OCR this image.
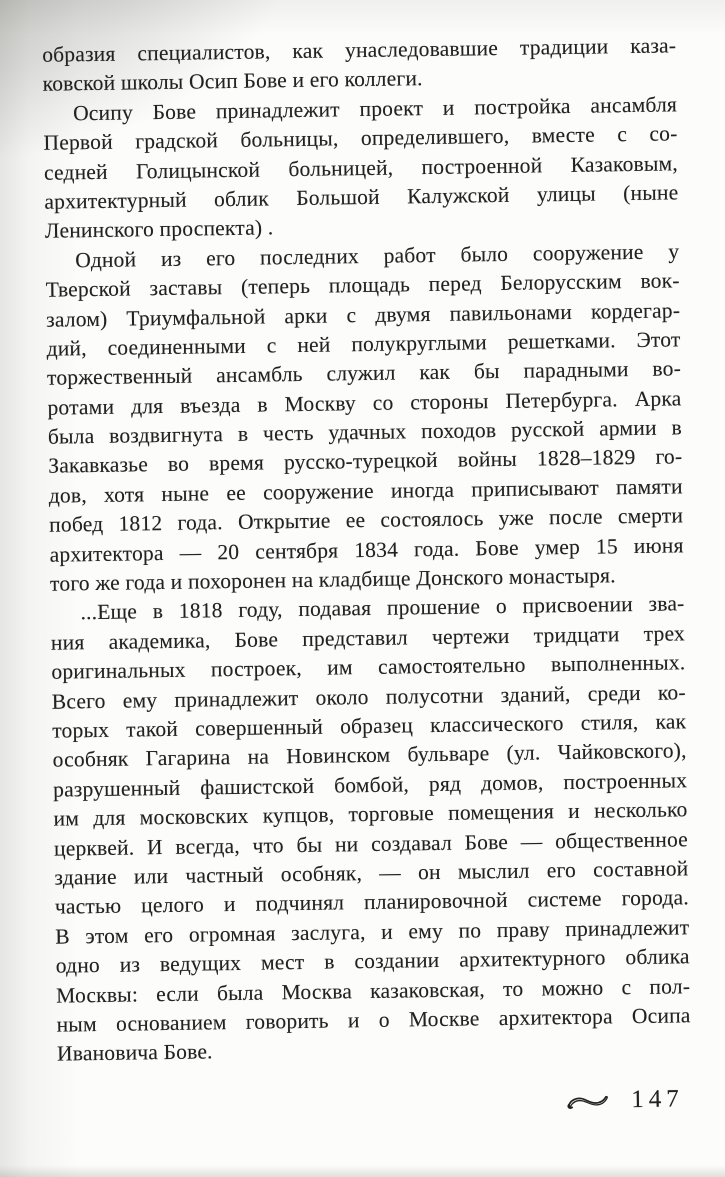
образия специалистов, как унаследовавшие традиции каза-
ковской школы Осип Бове и его коллеги.
Осипу Бове принадлежит проект и постройка ансамбля
Первой градской больницы, определившего, вместе с со-
седней Голицынской больницей, построенной Казаковым,
архитектурный облик Большой Калужской улицы (ныне
Ленинского проспекта) .
Одной из его последних работ было сооружение у
Тверской заставы (теперь площадь перед Белорусским вок-
залом) Триумфальной арки с двумя павильонами кордегар-
дий, соединенными с ней полукруглыми решетками. Этот
торжественный ансамбль служил как бы парадными во-
ротами для въезда в Москву со стороны Петербурга. Арка
была воздвигнута в честь удачных походов русской армии в
Закавказье во время русско-турецкой войны 1828–1829 го-
дов, хотя ныне ее сооружение иногда приписывают памяти
побед 1812 года. Открытие ее состоялось уже после смерти
архитектора — 20 сентября 1834 года. Бове умер 15 июня
того же года и похоронен на кладбище Донского монастыря.
...Еще в 1818 году, подавая прошение о присвоении зва-
ния академика, Бове представил чертежи тридцати трех
оригинальных построек, им самостоятельно выполненных.
Всего ему принадлежит около полусотни зданий, среди ко-
торых такой совершенный образец классического стиля, как
особняк Гагарина на Новинском бульваре (ул. Чайковского),
разрушенный фашистской бомбой, ряд домов, построенных
им для московских купцов, торговые помещения и несколько
церквей. И всегда, что бы ни создавал Бове — общественное
здание или частный особняк, — он мыслил его составной
частью целого и подчинял планировочной системе города.
В этом его огромная заслуга, и ему по праву принадлежит
одно из ведущих мест в создании архитектурного облика
Москвы: если была Москва казаковская, то можно с пол-
ным основанием говорить и о Москве архитектора Осипа
Ивановича Бове.
147
